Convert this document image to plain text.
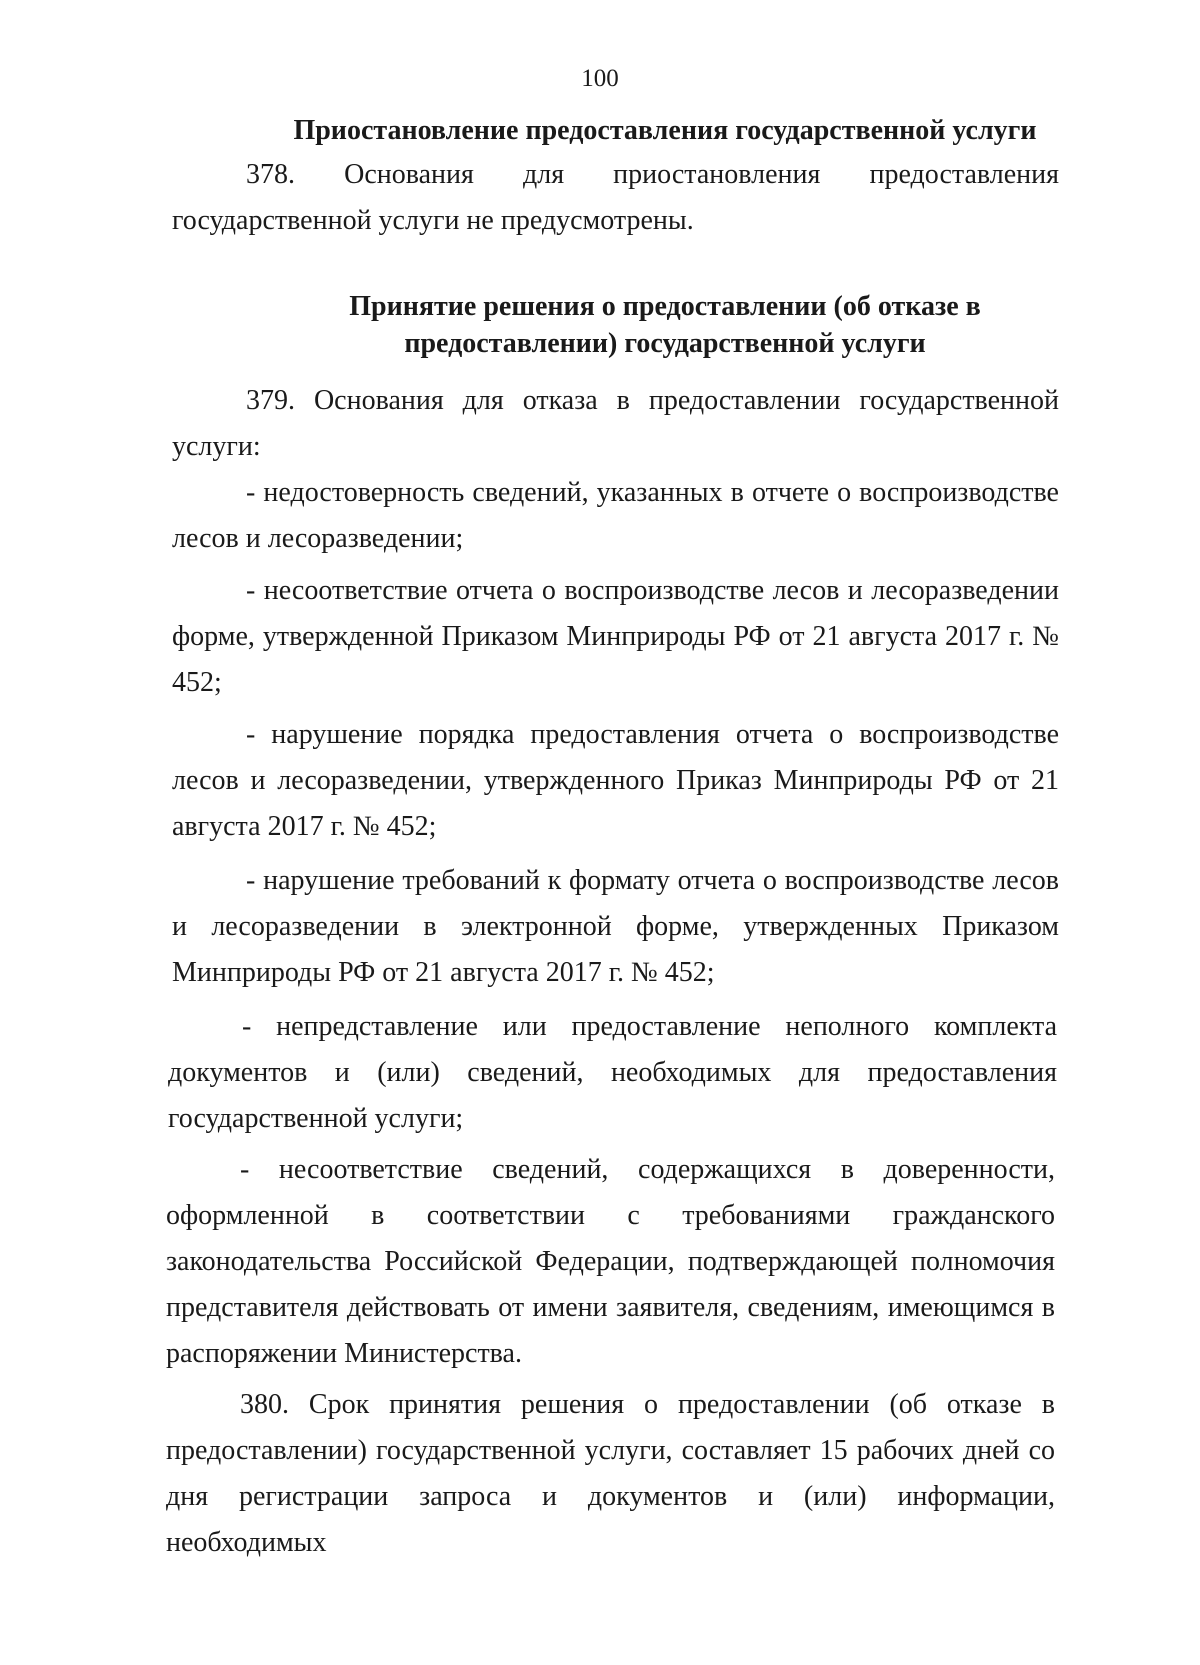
100
Приостановление предоставления государственной услуги

378. Основания для приостановления предоставления государственной услуги не предусмотрены.

Принятие решения о предоставлении (об отказе в
предоставлении) государственной услуги

379. Основания для отказа в предоставлении государственной услуги:

- недостоверность сведений, указанных в отчете о воспроизводстве лесов и лесоразведении;

- несоответствие отчета о воспроизводстве лесов и лесоразведении форме, утвержденной Приказом Минприроды РФ от 21 августа 2017 г. № 452;

- нарушение порядка предоставления отчета о воспроизводстве лесов и лесоразведении, утвержденного Приказ Минприроды РФ от 21 августа 2017 г. № 452;

- нарушение требований к формату отчета о воспроизводстве лесов и лесоразведении в электронной форме, утвержденных Приказом Минприроды РФ от 21 августа 2017 г. № 452;

- непредставление или предоставление неполного комплекта документов и (или) сведений, необходимых для предоставления государственной услуги;

- несоответствие сведений, содержащихся в доверенности, оформленной в соответствии с требованиями гражданского законодательства Российской Федерации, подтверждающей полномочия представителя действовать от имени заявителя, сведениям, имеющимся в распоряжении Министерства.

380. Срок принятия решения о предоставлении (об отказе в предоставлении) государственной услуги, составляет 15 рабочих дней со дня регистрации запроса и документов и (или) информации, необходимых
